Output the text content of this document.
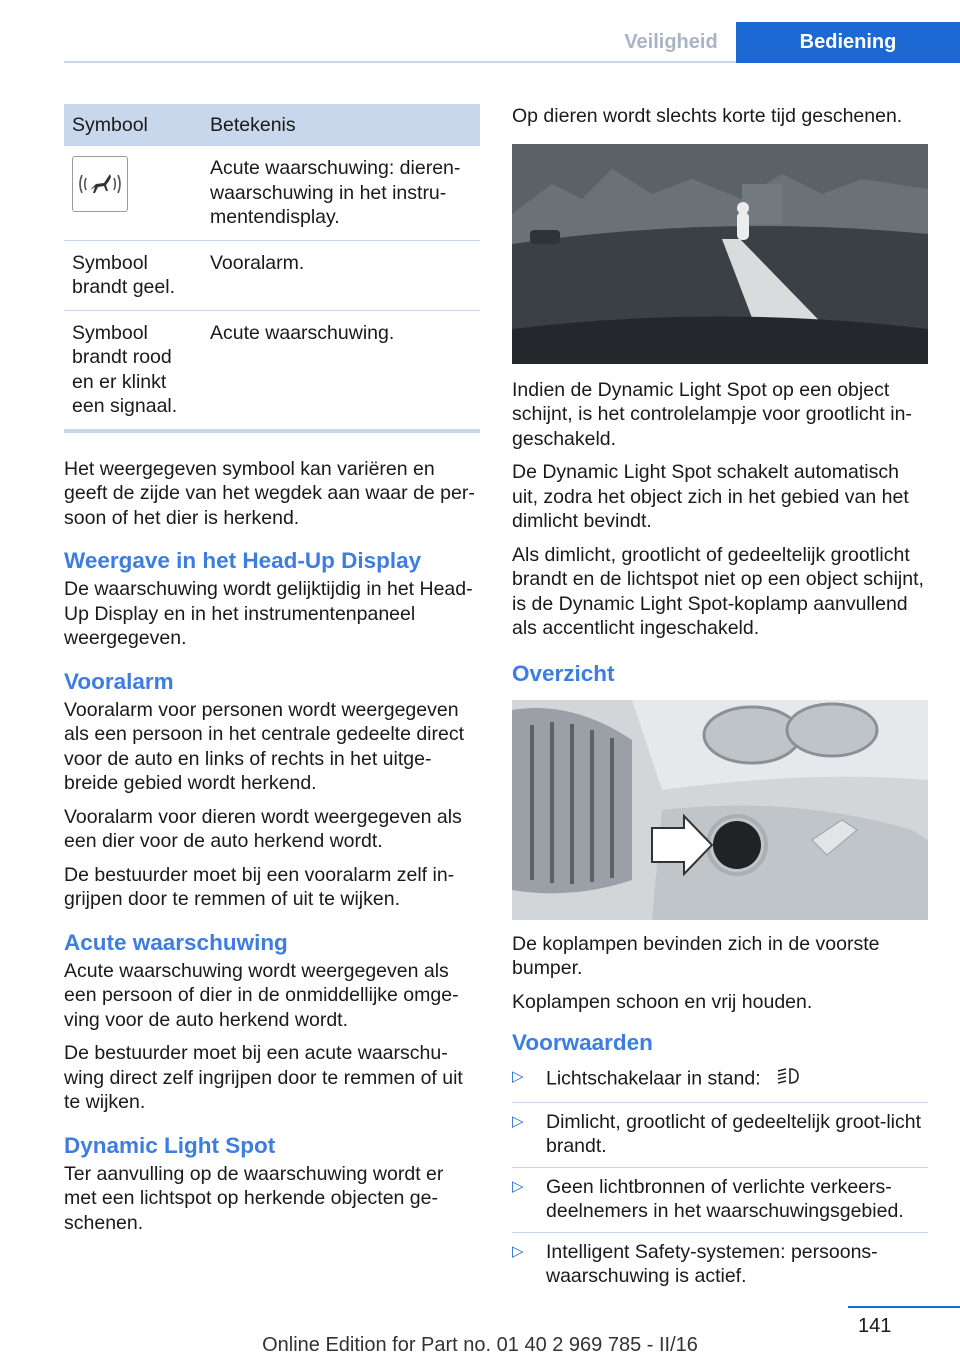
Veiligheid	Bediening
Symbool	Betekenis
	Acute waarschuwing: dieren-waarschuwing in het instru-mentendisplay.
Symbool brandt geel.	Vooralarm.
Symbool brandt rood en er klinkt een signaal.	Acute waarschuwing.

Het weergegeven symbool kan variëren en geeft de zijde van het wegdek aan waar de per-soon of het dier is herkend.

Weergave in het Head-Up Display

De waarschuwing wordt gelijktijdig in het Head-Up Display en in het instrumentenpaneel weergegeven.

Vooralarm

Vooralarm voor personen wordt weergegeven als een persoon in het centrale gedeelte direct voor de auto en links of rechts in het uitge-breide gebied wordt herkend.

Vooralarm voor dieren wordt weergegeven als een dier voor de auto herkend wordt.

De bestuurder moet bij een vooralarm zelf in-grijpen door te remmen of uit te wijken.

Acute waarschuwing

Acute waarschuwing wordt weergegeven als een persoon of dier in de onmiddellijke omge-ving voor de auto herkend wordt.

De bestuurder moet bij een acute waarschu-wing direct zelf ingrijpen door te remmen of uit te wijken.

Dynamic Light Spot

Ter aanvulling op de waarschuwing wordt er met een lichtspot op herkende objecten ge-schenen.

Op dieren wordt slechts korte tijd geschenen.

Indien de Dynamic Light Spot op een object schijnt, is het controlelampje voor grootlicht in-geschakeld.

De Dynamic Light Spot schakelt automatisch uit, zodra het object zich in het gebied van het dimlicht bevindt.

Als dimlicht, grootlicht of gedeeltelijk grootlicht brandt en de lichtspot niet op een object schijnt, is de Dynamic Light Spot-koplamp aanvullend als accentlicht ingeschakeld.

Overzicht

De koplampen bevinden zich in de voorste bumper.

Koplampen schoon en vrij houden.

Voorwaarden
▷ Lichtschakelaar in stand:
▷ Dimlicht, grootlicht of gedeeltelijk groot-licht brandt.
▷ Geen lichtbronnen of verlichte verkeers-deelnemers in het waarschuwingsgebied.
▷ Intelligent Safety-systemen: persoons-waarschuwing is actief.
141
Online Edition for Part no. 01 40 2 969 785 - II/16
